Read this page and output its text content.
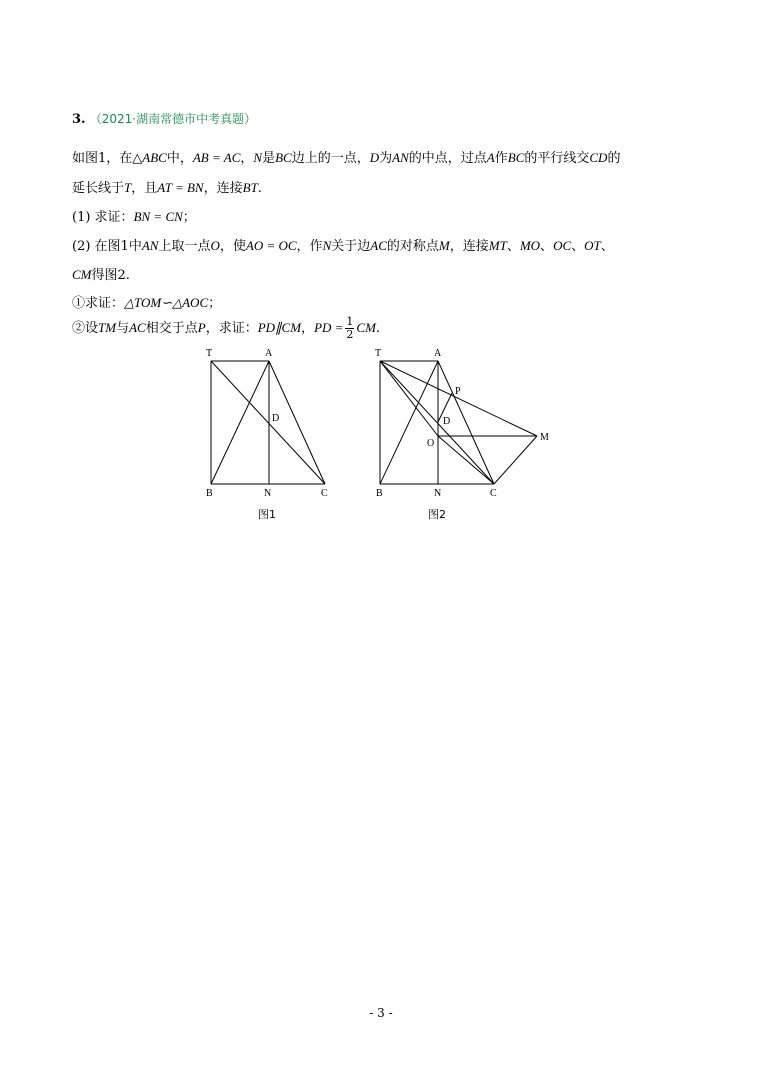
3. （2021·湖南常德市中考真题）
如图1，在△ABC中，AB = AC，N是BC边上的一点，D为AN的中点，过点A作BC的平行线交CD的
延长线于T，且AT = BN，连接BT.
(1) 求证：BN = CN；
(2) 在图1中AN上取一点O，使AO = OC，作N关于边AC的对称点M，连接MT、MO、OC、OT、
CM得图2.
①求证：△TOM∽△AOC；
②设TM与AC相交于点P，求证：PD∥CM，PD = $\frac{1}{2}$ CM.
T	A
D
B	N	C
图1
T	A
P
D
O
M
B	N	C
图2
- 3 -
